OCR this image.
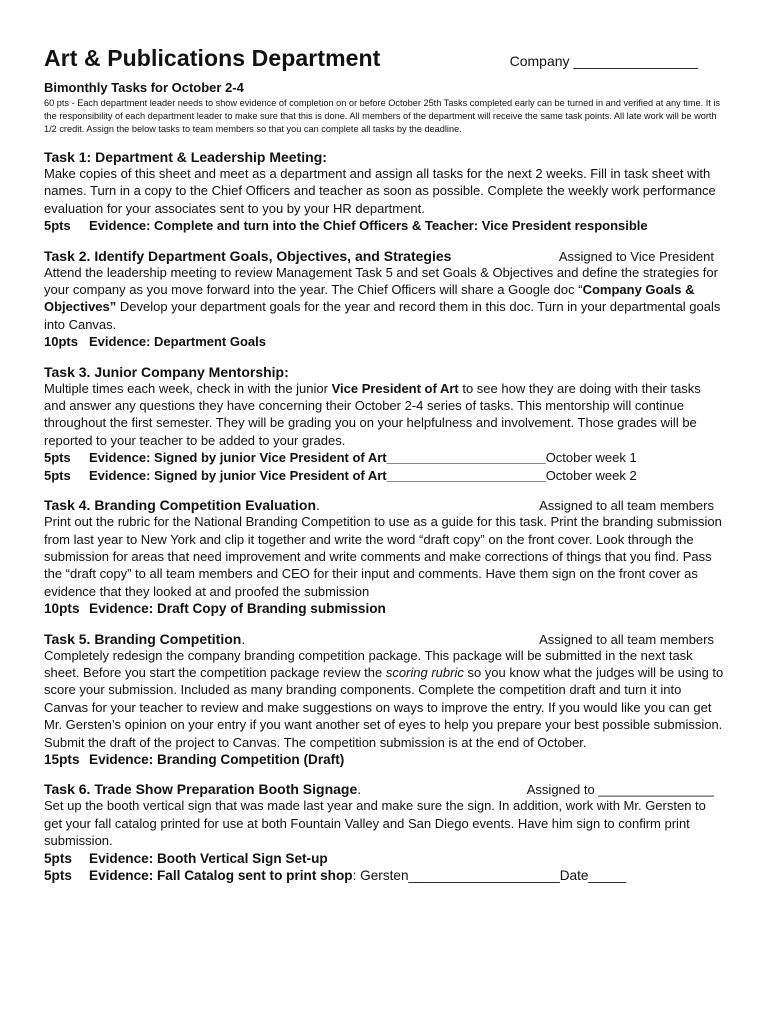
Art & Publications Department	Company ________________
Bimonthly Tasks for October 2-4
60 pts - Each department leader needs to show evidence of completion on or before October 25th Tasks completed early can be turned in and verified at any time. It is the responsibility of each department leader to make sure that this is done. All members of the department will receive the same task points. All late work will be worth 1/2 credit. Assign the below tasks to team members so that you can complete all tasks by the deadline.
Task 1: Department & Leadership Meeting:
Make copies of this sheet and meet as a department and assign all tasks for the next 2 weeks. Fill in task sheet with names. Turn in a copy to the Chief Officers and teacher as soon as possible. Complete the weekly work performance evaluation for your associates sent to you by your HR department.
5pts	Evidence: Complete and turn into the Chief Officers & Teacher: Vice President responsible
Task 2. Identify Department Goals, Objectives, and Strategies	Assigned to Vice President
Attend the leadership meeting to review Management Task 5 and set Goals & Objectives and define the strategies for your company as you move forward into the year. The Chief Officers will share a Google doc “Company Goals & Objectives” Develop your department goals for the year and record them in this doc. Turn in your departmental goals into Canvas.
10pts Evidence: Department Goals
Task 3. Junior Company Mentorship:
Multiple times each week, check in with the junior Vice President of Art to see how they are doing with their tasks and answer any questions they have concerning their October 2-4 series of tasks. This mentorship will continue throughout the first semester. They will be grading you on your helpfulness and involvement. Those grades will be reported to your teacher to be added to your grades.
5pts	Evidence: Signed by junior Vice President of Art______________________ October week 1
5pts	Evidence: Signed by junior Vice President of Art______________________ October week 2
Task 4. Branding Competition Evaluation.	Assigned to all team members
Print out the rubric for the National Branding Competition to use as a guide for this task. Print the branding submission from last year to New York and clip it together and write the word “draft copy” on the front cover. Look through the submission for areas that need improvement and write comments and make corrections of things that you find. Pass the “draft copy” to all team members and CEO for their input and comments. Have them sign on the front cover as evidence that they looked at and proofed the submission
10pts Evidence: Draft Copy of Branding submission
Task 5. Branding Competition.	Assigned to all team members
Completely redesign the company branding competition package. This package will be submitted in the next task sheet. Before you start the competition package review the scoring rubric so you know what the judges will be using to score your submission. Included as many branding components. Complete the competition draft and turn it into Canvas for your teacher to review and make suggestions on ways to improve the entry. If you would like you can get Mr. Gersten’s opinion on your entry if you want another set of eyes to help you prepare your best possible submission. Submit the draft of the project to Canvas. The competition submission is at the end of October.
15pts Evidence: Branding Competition (Draft)
Task 6. Trade Show Preparation Booth Signage.	Assigned to ________________
Set up the booth vertical sign that was made last year and make sure the sign. In addition, work with Mr. Gersten to get your fall catalog printed for use at both Fountain Valley and San Diego events. Have him sign to confirm print submission.
5pts	Evidence: Booth Vertical Sign Set-up
5pts	Evidence: Fall Catalog sent to print shop : Gersten____________________Date_____
